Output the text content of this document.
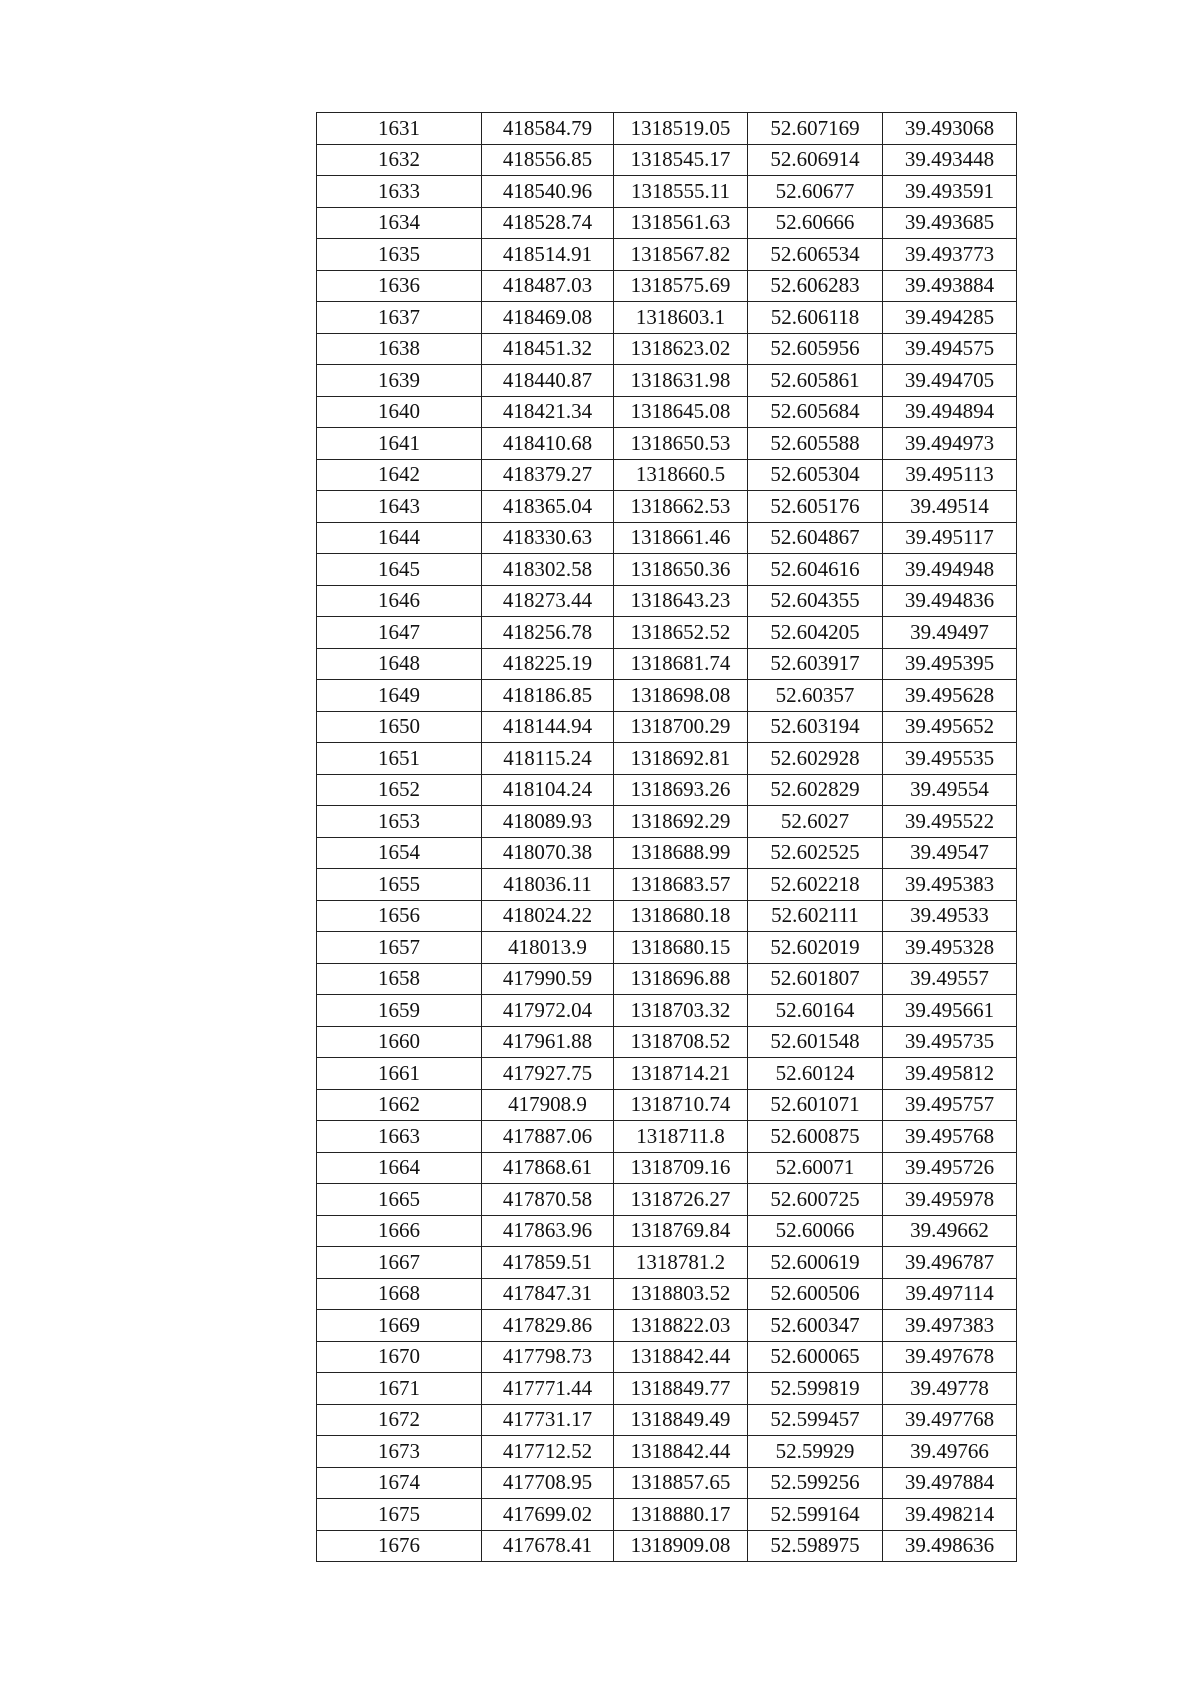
1631	418584.79	1318519.05	52.607169	39.493068
1632	418556.85	1318545.17	52.606914	39.493448
1633	418540.96	1318555.11	52.60677	39.493591
1634	418528.74	1318561.63	52.60666	39.493685
1635	418514.91	1318567.82	52.606534	39.493773
1636	418487.03	1318575.69	52.606283	39.493884
1637	418469.08	1318603.1	52.606118	39.494285
1638	418451.32	1318623.02	52.605956	39.494575
1639	418440.87	1318631.98	52.605861	39.494705
1640	418421.34	1318645.08	52.605684	39.494894
1641	418410.68	1318650.53	52.605588	39.494973
1642	418379.27	1318660.5	52.605304	39.495113
1643	418365.04	1318662.53	52.605176	39.49514
1644	418330.63	1318661.46	52.604867	39.495117
1645	418302.58	1318650.36	52.604616	39.494948
1646	418273.44	1318643.23	52.604355	39.494836
1647	418256.78	1318652.52	52.604205	39.49497
1648	418225.19	1318681.74	52.603917	39.495395
1649	418186.85	1318698.08	52.60357	39.495628
1650	418144.94	1318700.29	52.603194	39.495652
1651	418115.24	1318692.81	52.602928	39.495535
1652	418104.24	1318693.26	52.602829	39.49554
1653	418089.93	1318692.29	52.6027	39.495522
1654	418070.38	1318688.99	52.602525	39.49547
1655	418036.11	1318683.57	52.602218	39.495383
1656	418024.22	1318680.18	52.602111	39.49533
1657	418013.9	1318680.15	52.602019	39.495328
1658	417990.59	1318696.88	52.601807	39.49557
1659	417972.04	1318703.32	52.60164	39.495661
1660	417961.88	1318708.52	52.601548	39.495735
1661	417927.75	1318714.21	52.60124	39.495812
1662	417908.9	1318710.74	52.601071	39.495757
1663	417887.06	1318711.8	52.600875	39.495768
1664	417868.61	1318709.16	52.60071	39.495726
1665	417870.58	1318726.27	52.600725	39.495978
1666	417863.96	1318769.84	52.60066	39.49662
1667	417859.51	1318781.2	52.600619	39.496787
1668	417847.31	1318803.52	52.600506	39.497114
1669	417829.86	1318822.03	52.600347	39.497383
1670	417798.73	1318842.44	52.600065	39.497678
1671	417771.44	1318849.77	52.599819	39.49778
1672	417731.17	1318849.49	52.599457	39.497768
1673	417712.52	1318842.44	52.59929	39.49766
1674	417708.95	1318857.65	52.599256	39.497884
1675	417699.02	1318880.17	52.599164	39.498214
1676	417678.41	1318909.08	52.598975	39.498636
